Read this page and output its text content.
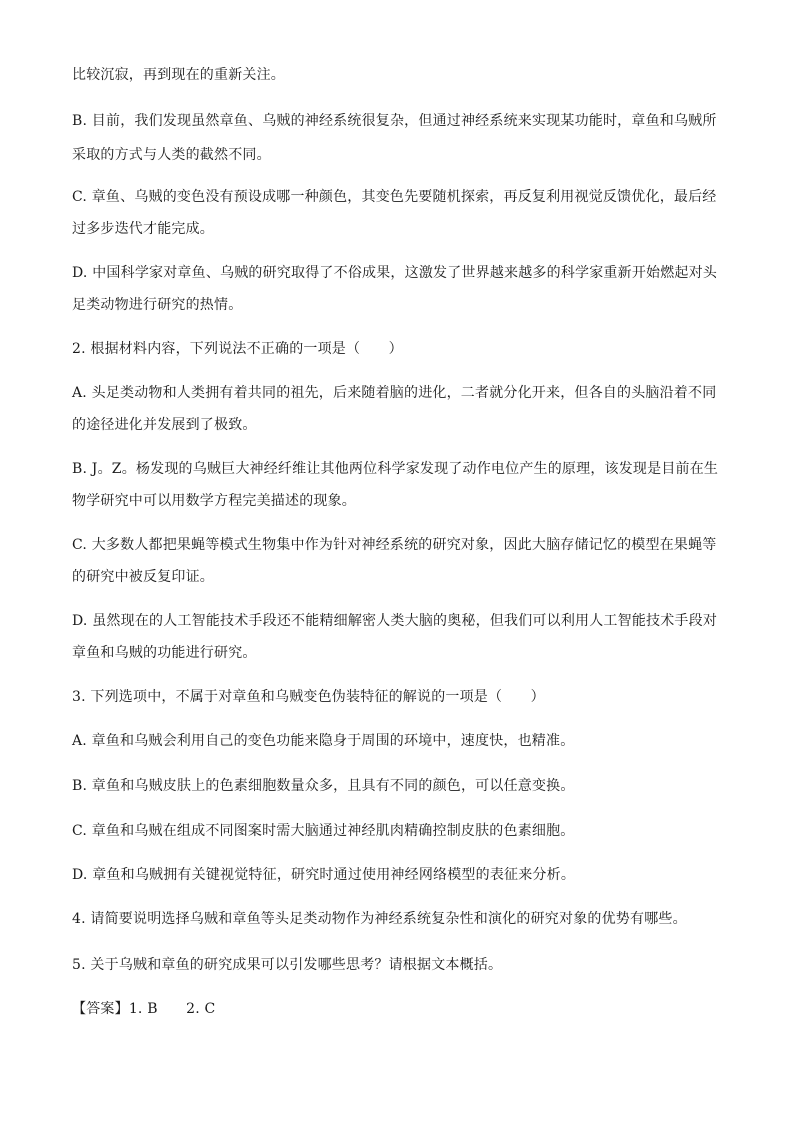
比较沉寂，再到现在的重新关注。
B. 目前，我们发现虽然章鱼、乌贼的神经系统很复杂，但通过神经系统来实现某功能时，章鱼和乌贼所
采取的方式与人类的截然不同。
C. 章鱼、乌贼的变色没有预设成哪一种颜色，其变色先要随机探索，再反复利用视觉反馈优化，最后经
过多步迭代才能完成。
D. 中国科学家对章鱼、乌贼的研究取得了不俗成果，这激发了世界越来越多的科学家重新开始燃起对头
足类动物进行研究的热情。
2. 根据材料内容，下列说法不正确的一项是（　　）
A. 头足类动物和人类拥有着共同的祖先，后来随着脑的进化，二者就分化开来，但各自的头脑沿着不同
的途径进化并发展到了极致。
B. J。Z。杨发现的乌贼巨大神经纤维让其他两位科学家发现了动作电位产生的原理，该发现是目前在生
物学研究中可以用数学方程完美描述的现象。
C. 大多数人都把果蝇等模式生物集中作为针对神经系统的研究对象，因此大脑存储记忆的模型在果蝇等
的研究中被反复印证。
D. 虽然现在的人工智能技术手段还不能精细解密人类大脑的奥秘，但我们可以利用人工智能技术手段对
章鱼和乌贼的功能进行研究。
3. 下列选项中，不属于对章鱼和乌贼变色伪装特征的解说的一项是（　　）
A. 章鱼和乌贼会利用自己的变色功能来隐身于周围的环境中，速度快，也精准。
B. 章鱼和乌贼皮肤上的色素细胞数量众多，且具有不同的颜色，可以任意变换。
C. 章鱼和乌贼在组成不同图案时需大脑通过神经肌肉精确控制皮肤的色素细胞。
D. 章鱼和乌贼拥有关键视觉特征，研究时通过使用神经网络模型的表征来分析。
4. 请简要说明选择乌贼和章鱼等头足类动物作为神经系统复杂性和演化的研究对象的优势有哪些。
5. 关于乌贼和章鱼的研究成果可以引发哪些思考？请根据文本概括。
【答案】1. B　　2. C
